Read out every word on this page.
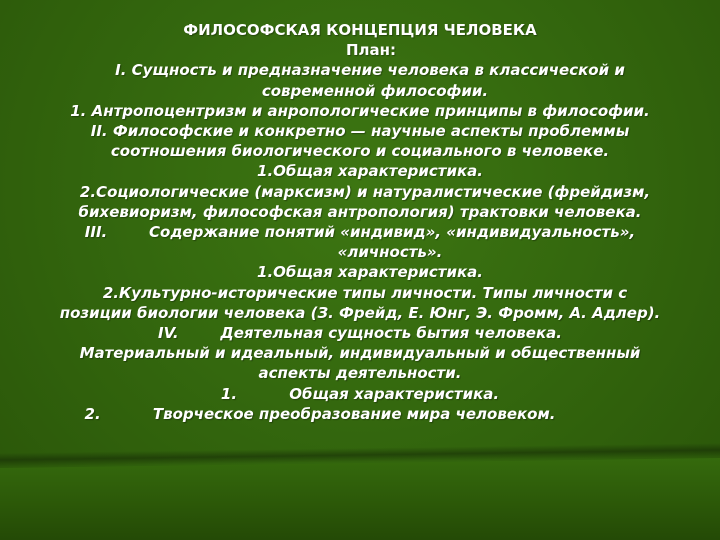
ФИЛОСОФСКАЯ КОНЦЕПЦИЯ ЧЕЛОВЕКА
План:
I. Сущность и предназначение человека в классической и
современной философии.
1. Антропоцентризм и анропологические принципы в философии.
II. Философские и конкретно — научные аспекты проблеммы
соотношения биологического и социального в человеке.
1.Общая характеристика.
2.Социологические (марксизм) и натуралистические (фрейдизм,
бихевиоризм, философская антропология) трактовки человека.
III.        Содержание понятий «индивид», «индивидуальность»,
«личность».
1.Общая характеристика.
2.Культурно-исторические типы личности. Типы личности с
позиции биологии человека (З. Фрейд, Е. Юнг, Э. Фромм, А. Адлер).
IV.        Деятельная сущность бытия человека.
Материальный и идеальный, индивидуальный и общественный
аспекты деятельности.
1.          Общая характеристика.
2.          Творческое преобразование мира человеком.
